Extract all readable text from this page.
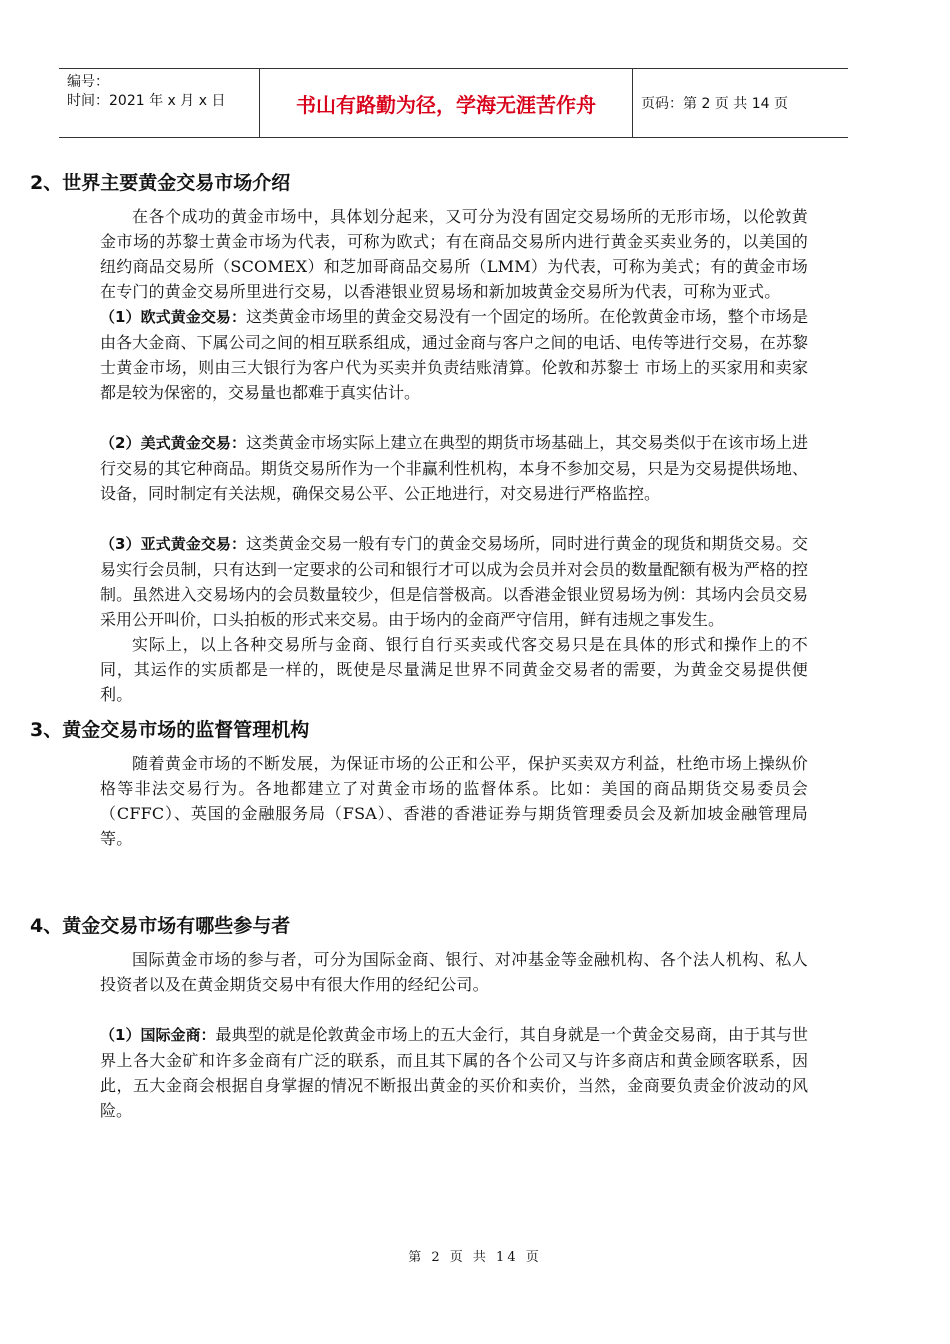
编号：
时间：2021 年 x 月 x 日	书山有路勤为径，学海无涯苦作舟	页码：第 2 页 共 14 页
2、世界主要黄金交易市场介绍

在各个成功的黄金市场中，具体划分起来，又可分为没有固定交易场所的无形市场，以伦敦黄金市场的苏黎士黄金市场为代表，可称为欧式；有在商品交易所内进行黄金买卖业务的，以美国的纽约商品交易所（SCOMEX）和芝加哥商品交易所（LMM）为代表，可称为美式；有的黄金市场在专门的黄金交易所里进行交易，以香港银业贸易场和新加坡黄金交易所为代表，可称为亚式。

（1）欧式黄金交易：这类黄金市场里的黄金交易没有一个固定的场所。在伦敦黄金市场，整个市场是由各大金商、下属公司之间的相互联系组成，通过金商与客户之间的电话、电传等进行交易，在苏黎士黄金市场，则由三大银行为客户代为买卖并负责结账清算。伦敦和苏黎士 市场上的买家用和卖家都是较为保密的，交易量也都难于真实估计。

（2）美式黄金交易：这类黄金市场实际上建立在典型的期货市场基础上，其交易类似于在该市场上进行交易的其它种商品。期货交易所作为一个非赢利性机构，本身不参加交易，只是为交易提供场地、设备，同时制定有关法规，确保交易公平、公正地进行，对交易进行严格监控。

（3）亚式黄金交易：这类黄金交易一般有专门的黄金交易场所，同时进行黄金的现货和期货交易。交易实行会员制，只有达到一定要求的公司和银行才可以成为会员并对会员的数量配额有极为严格的控制。虽然进入交易场内的会员数量较少，但是信誉极高。以香港金银业贸易场为例：其场内会员交易采用公开叫价，口头拍板的形式来交易。由于场内的金商严守信用，鲜有违规之事发生。

实际上，以上各种交易所与金商、银行自行买卖或代客交易只是在具体的形式和操作上的不同，其运作的实质都是一样的，既使是尽量满足世界不同黄金交易者的需要，为黄金交易提供便利。

3、黄金交易市场的监督管理机构

随着黄金市场的不断发展，为保证市场的公正和公平，保护买卖双方利益，杜绝市场上操纵价格等非法交易行为。各地都建立了对黄金市场的监督体系。比如：美国的商品期货交易委员会（CFFC）、英国的金融服务局（FSA）、香港的香港证券与期货管理委员会及新加坡金融管理局等。

4、黄金交易市场有哪些参与者

国际黄金市场的参与者，可分为国际金商、银行、对冲基金等金融机构、各个法人机构、私人投资者以及在黄金期货交易中有很大作用的经纪公司。

（1）国际金商：最典型的就是伦敦黄金市场上的五大金行，其自身就是一个黄金交易商，由于其与世界上各大金矿和许多金商有广泛的联系，而且其下属的各个公司又与许多商店和黄金顾客联系，因此，五大金商会根据自身掌握的情况不断报出黄金的买价和卖价，当然，金商要负责金价波动的风险。

第 2 页 共 14 页
